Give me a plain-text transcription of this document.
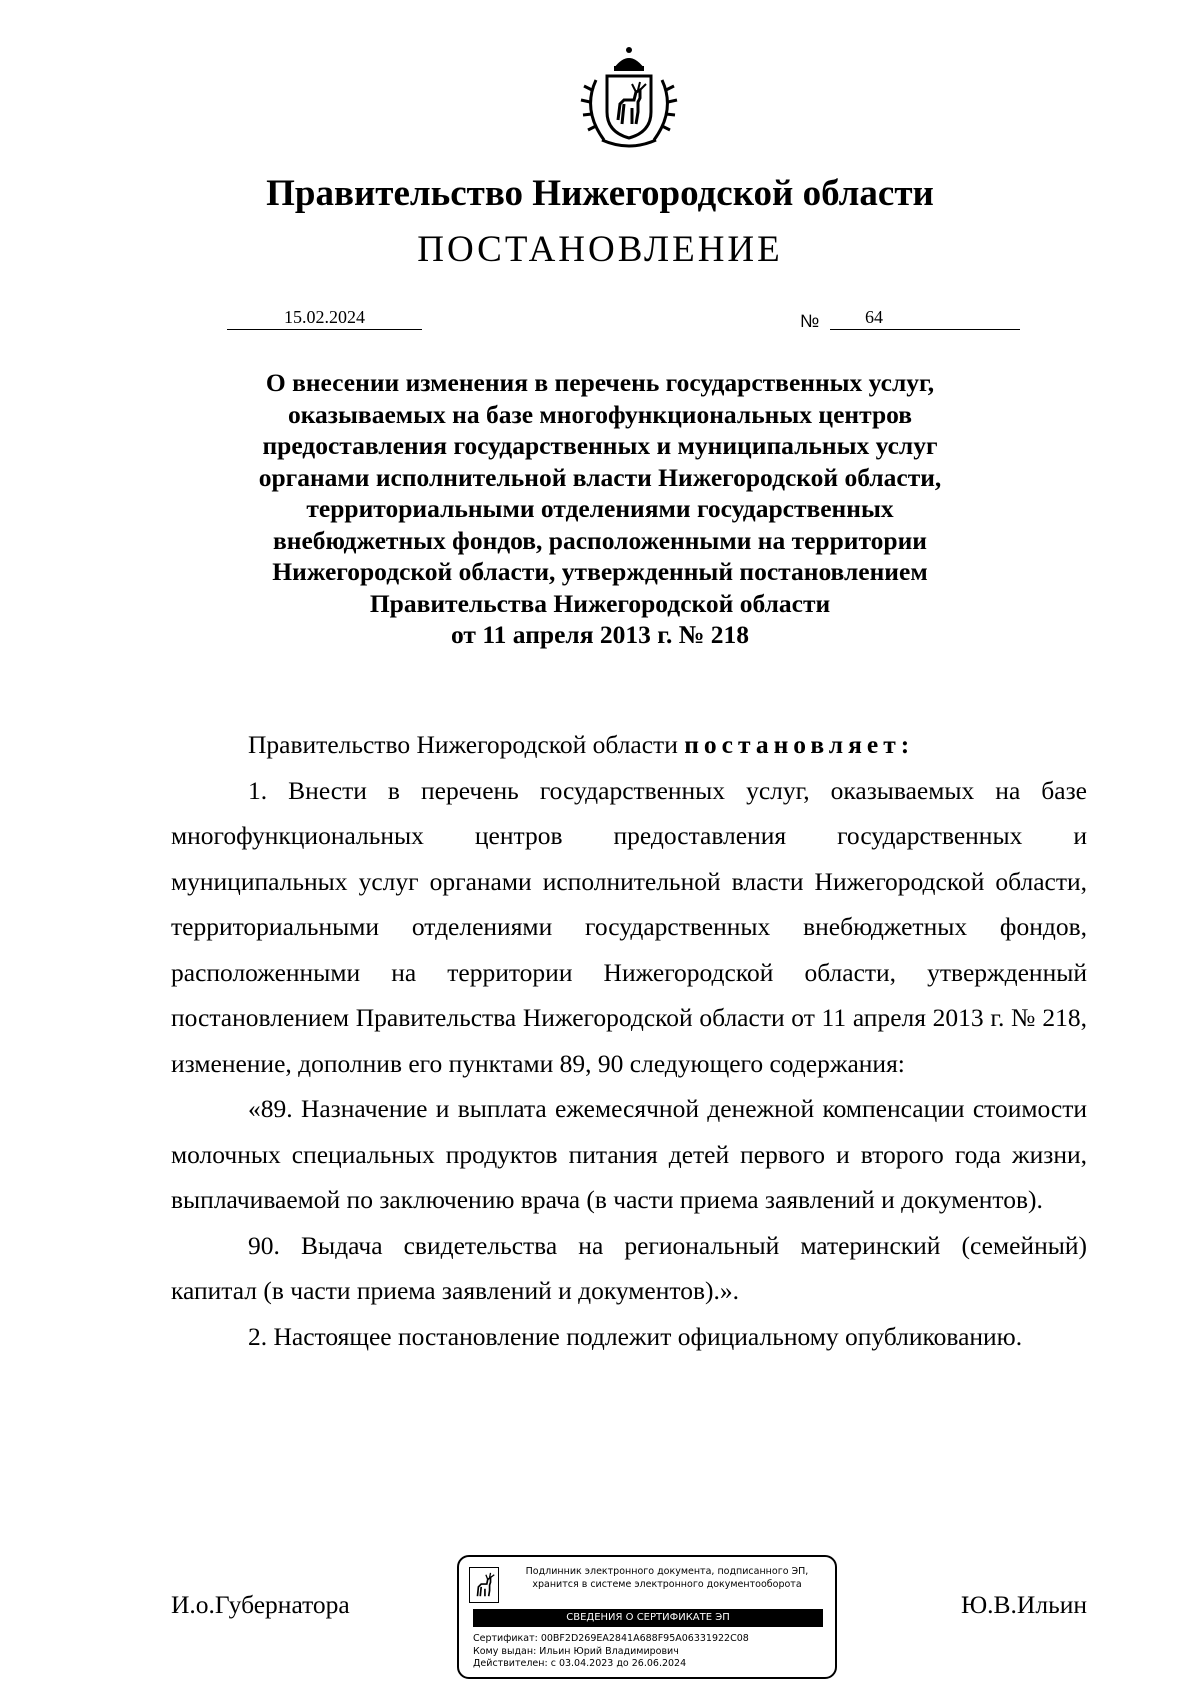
Правительство Нижегородской области
ПОСТАНОВЛЕНИЕ
15.02.2024	№	64
О внесении изменения в перечень государственных услуг,
оказываемых на базе многофункциональных центров
предоставления государственных и муниципальных услуг
органами исполнительной власти Нижегородской области,
территориальными отделениями государственных
внебюджетных фондов, расположенными на территории
Нижегородской области, утвержденный постановлением
Правительства Нижегородской области
от 11 апреля 2013 г. № 218

Правительство Нижегородской области постановляет:

1. Внести в перечень государственных услуг, оказываемых на базе многофункциональных центров предоставления государственных и муниципальных услуг органами исполнительной власти Нижегородской области, территориальными отделениями государственных внебюджетных фондов, расположенными на территории Нижегородской области, утвержденный постановлением Правительства Нижегородской области от 11 апреля 2013 г. № 218, изменение, дополнив его пунктами 89, 90 следующего содержания:

«89. Назначение и выплата ежемесячной денежной компенсации стоимости молочных специальных продуктов питания детей первого и второго года жизни, выплачиваемой по заключению врача (в части приема заявлений и документов).

90. Выдача свидетельства на региональный материнский (семейный) капитал (в части приема заявлений и документов).».

2. Настоящее постановление подлежит официальному опубликованию.

И.о.Губернатора	Ю.В.Ильин
Подлинник электронного документа, подписанного ЭП,
хранится в системе электронного документооборота
СВЕДЕНИЯ О СЕРТИФИКАТЕ ЭП
Сертификат: 00BF2D269EA2841A688F95A06331922C08
Кому выдан: Ильин Юрий Владимирович
Действителен: с 03.04.2023 до 26.06.2024
